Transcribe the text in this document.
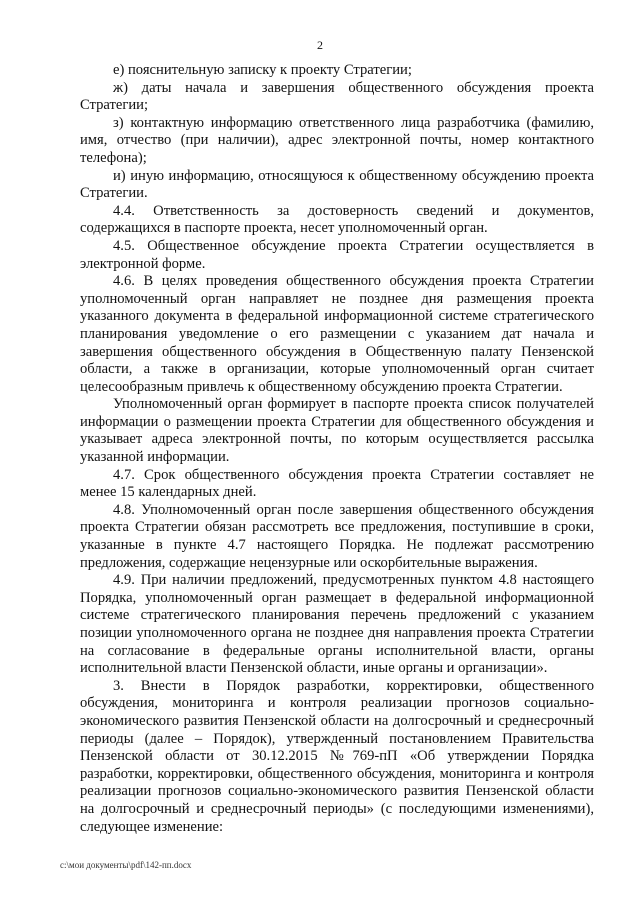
2

е) пояснительную записку к проекту Стратегии;

ж) даты начала и завершения общественного обсуждения проекта Стратегии;

з) контактную информацию ответственного лица разработчика (фамилию, имя, отчество (при наличии), адрес электронной почты, номер контактного телефона);

и) иную информацию, относящуюся к общественному обсуждению проекта Стратегии.

4.4. Ответственность за достоверность сведений и документов, содержащихся в паспорте проекта, несет уполномоченный орган.

4.5. Общественное обсуждение проекта Стратегии осуществляется в электронной форме.

4.6. В целях проведения общественного обсуждения проекта Стратегии уполномоченный орган направляет не позднее дня размещения проекта указанного документа в федеральной информационной системе стратегического планирования уведомление о его размещении с указанием дат начала и завершения общественного обсуждения в Общественную палату Пензенской области, а также в организации, которые уполномоченный орган считает целесообразным привлечь к общественному обсуждению проекта Стратегии.

Уполномоченный орган формирует в паспорте проекта список получателей информации о размещении проекта Стратегии для общественного обсуждения и указывает адреса электронной почты, по которым осуществляется рассылка указанной информации.

4.7. Срок общественного обсуждения проекта Стратегии составляет не менее 15 календарных дней.

4.8. Уполномоченный орган после завершения общественного обсуждения проекта Стратегии обязан рассмотреть все предложения, поступившие в сроки, указанные в пункте 4.7 настоящего Порядка. Не подлежат рассмотрению предложения, содержащие нецензурные или оскорбительные выражения.

4.9. При наличии предложений, предусмотренных пунктом 4.8 настоящего Порядка, уполномоченный орган размещает в федеральной информационной системе стратегического планирования перечень предложений с указанием позиции уполномоченного органа не позднее дня направления проекта Стратегии на согласование в федеральные органы исполнительной власти, органы исполнительной власти Пензенской области, иные органы и организации».

3. Внести в Порядок разработки, корректировки, общественного обсуждения, мониторинга и контроля реализации прогнозов социально-экономического развития Пензенской области на долгосрочный и среднесрочный периоды (далее – Порядок), утвержденный постановлением Правительства Пензенской области от 30.12.2015 №769-пП «Об утверждении Порядка разработки, корректировки, общественного обсуждения, мониторинга и контроля реализации прогнозов социально-экономического развития Пензенской области на долгосрочный и среднесрочный периоды» (с последующими изменениями), следующее изменение:

c:\мои документы\pdf\142-пп.docx
